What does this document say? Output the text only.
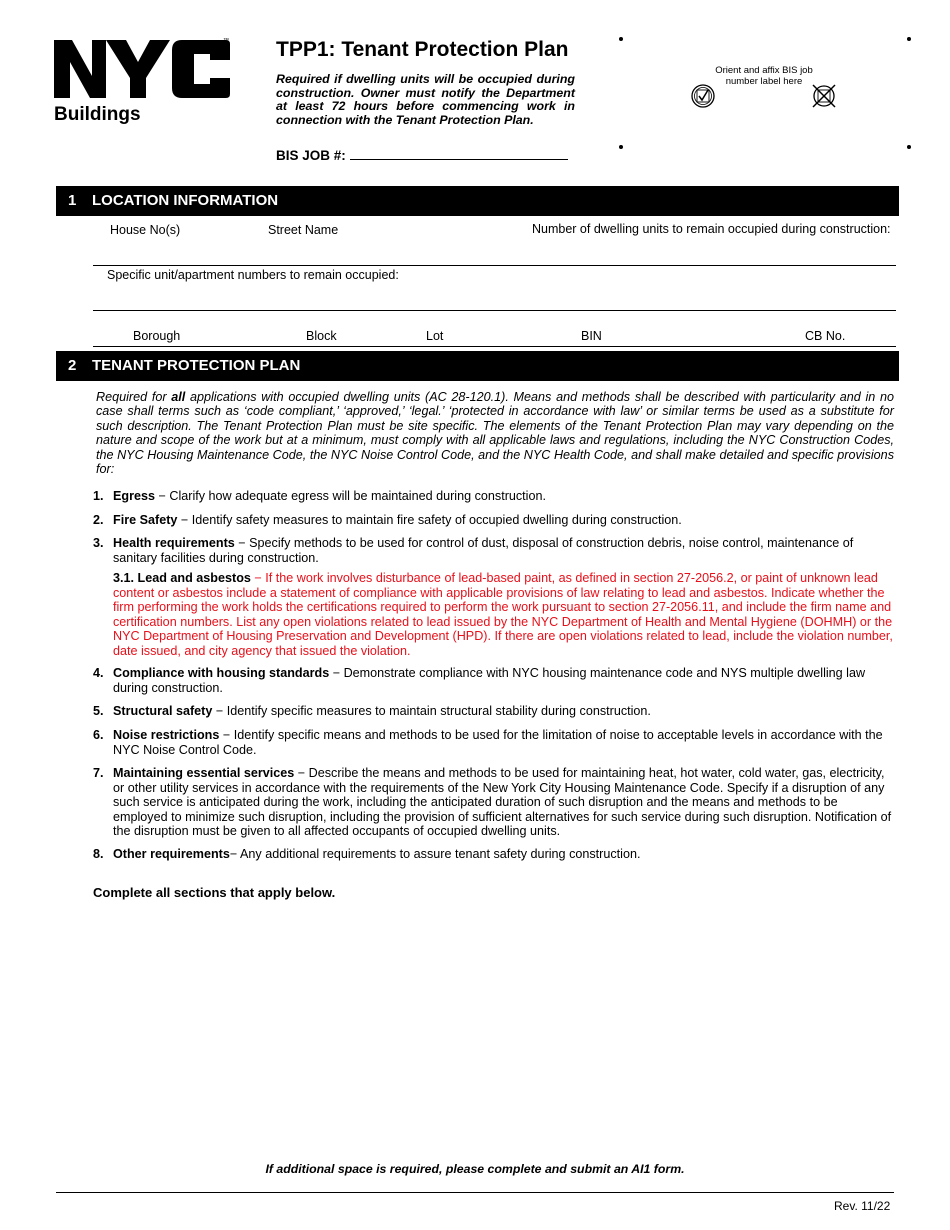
™
Buildings
TPP1: Tenant Protection Plan
Required if dwelling units will be occupied during construction. Owner must notify the Department at least 72 hours before commencing work in connection with the Tenant Protection Plan.
BIS JOB #:
Orient and affix BIS job number label here
1 LOCATION INFORMATION
House No(s)	Street Name	Number of dwelling units to remain occupied during construction:
Specific unit/apartment numbers to remain occupied:
Borough	Block	Lot	BIN	CB No.
2 TENANT PROTECTION PLAN
Required for all applications with occupied dwelling units (AC 28-120.1). Means and methods shall be described with particularity and in no case shall terms such as ‘code compliant,’ ‘approved,’ ‘legal.’ ‘protected in accordance with law’ or similar terms be used as a substitute for such description. The Tenant Protection Plan must be site specific. The elements of the Tenant Protection Plan may vary depending on the nature and scope of the work but at a minimum, must comply with all applicable laws and regulations, including the NYC Construction Codes, the NYC Housing Maintenance Code, the NYC Noise Control Code, and the NYC Health Code, and shall make detailed and specific provisions for:
1. Egress − Clarify how adequate egress will be maintained during construction.
2. Fire Safety − Identify safety measures to maintain fire safety of occupied dwelling during construction.
3. Health requirements − Specify methods to be used for control of dust, disposal of construction debris, noise control, maintenance of sanitary facilities during construction.
3.1. Lead and asbestos − If the work involves disturbance of lead-based paint, as defined in section 27-2056.2, or paint of unknown lead content or asbestos include a statement of compliance with applicable provisions of law relating to lead and asbestos. Indicate whether the firm performing the work holds the certifications required to perform the work pursuant to section 27-2056.11, and include the firm name and certification numbers. List any open violations related to lead issued by the NYC Department of Health and Mental Hygiene (DOHMH) or the NYC Department of Housing Preservation and Development (HPD). If there are open violations related to lead, include the violation number, date issued, and city agency that issued the violation.
4. Compliance with housing standards − Demonstrate compliance with NYC housing maintenance code and NYS multiple dwelling law during construction.
5. Structural safety − Identify specific measures to maintain structural stability during construction.
6. Noise restrictions − Identify specific means and methods to be used for the limitation of noise to acceptable levels in accordance with the NYC Noise Control Code.
7. Maintaining essential services − Describe the means and methods to be used for maintaining heat, hot water, cold water, gas, electricity, or other utility services in accordance with the requirements of the New York City Housing Maintenance Code. Specify if a disruption of any such service is anticipated during the work, including the anticipated duration of such disruption and the means and methods to be employed to minimize such disruption, including the provision of sufficient alternatives for such service during such disruption. Notification of the disruption must be given to all affected occupants of occupied dwelling units.
8. Other requirements− Any additional requirements to assure tenant safety during construction.
Complete all sections that apply below.
If additional space is required, please complete and submit an AI1 form.
Rev. 11/22
